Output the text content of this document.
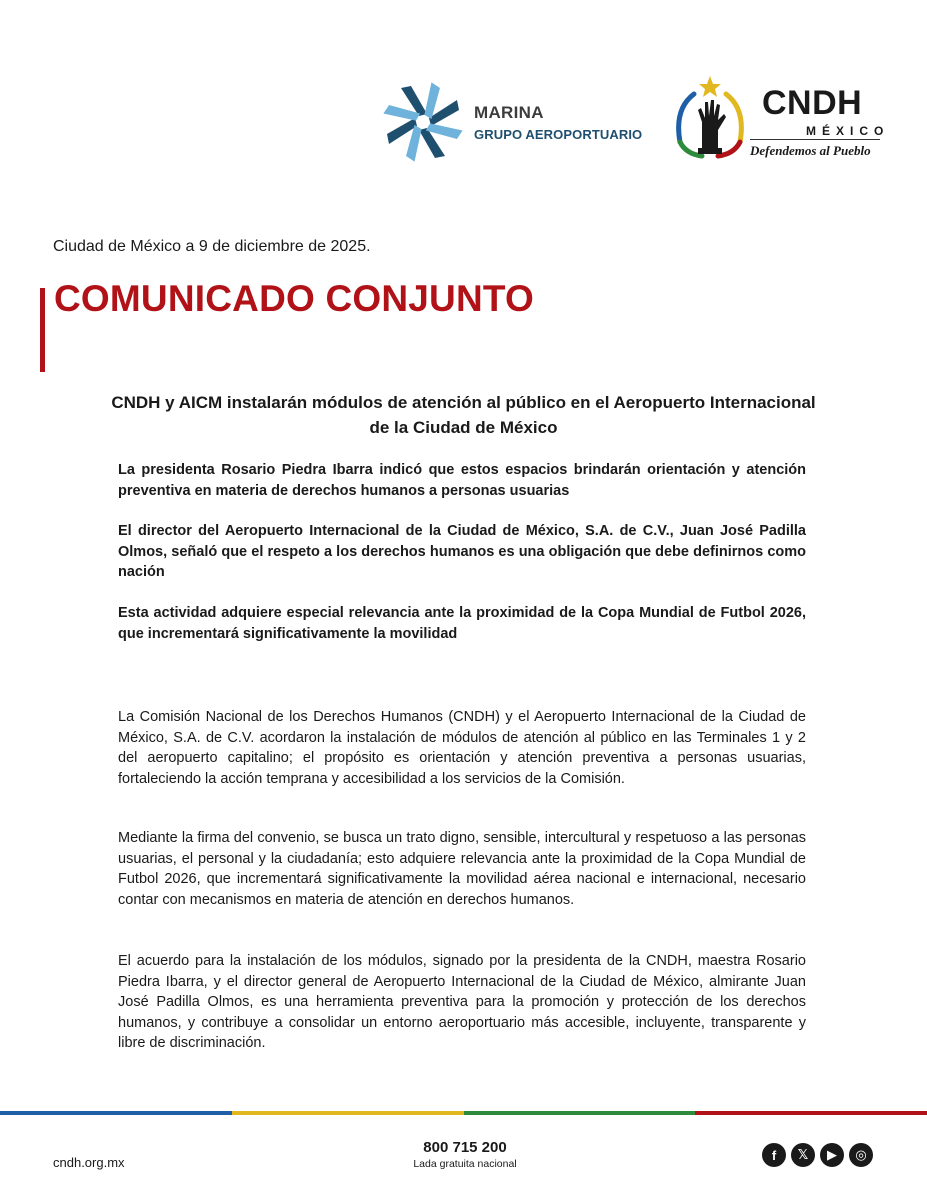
MARINA
GRUPO AEROPORTUARIO
CNDH
MÉXICO
Defendemos al Pueblo
Ciudad de México a 9 de diciembre de 2025.
COMUNICADO CONJUNTO
CNDH y AICM instalarán módulos de atención al público en el Aeropuerto Internacional de la Ciudad de México
La presidenta Rosario Piedra Ibarra indicó que estos espacios brindarán orientación y atención preventiva en materia de derechos humanos a personas usuarias
El director del Aeropuerto Internacional de la Ciudad de México, S.A. de C.V., Juan José Padilla Olmos, señaló que el respeto a los derechos humanos es una obligación que debe definirnos como nación
Esta actividad adquiere especial relevancia ante la proximidad de la Copa Mundial de Futbol 2026, que incrementará significativamente la movilidad
La Comisión Nacional de los Derechos Humanos (CNDH) y el Aeropuerto Internacional de la Ciudad de México, S.A. de C.V. acordaron la instalación de módulos de atención al público en las Terminales 1 y 2 del aeropuerto capitalino; el propósito es orientación y atención preventiva a personas usuarias, fortaleciendo la acción temprana y accesibilidad a los servicios de la Comisión.
Mediante la firma del convenio, se busca un trato digno, sensible, intercultural y respetuoso a las personas usuarias, el personal y la ciudadanía; esto adquiere relevancia ante la proximidad de la Copa Mundial de Futbol 2026, que incrementará significativamente la movilidad aérea nacional e internacional, necesario contar con mecanismos en materia de atención en derechos humanos.
El acuerdo para la instalación de los módulos, signado por la presidenta de la CNDH, maestra Rosario Piedra Ibarra, y el director general de Aeropuerto Internacional de la Ciudad de México, almirante Juan José Padilla Olmos, es una herramienta preventiva para la promoción y protección de los derechos humanos, y contribuye a consolidar un entorno aeroportuario más accesible, incluyente, transparente y libre de discriminación.
cndh.org.mx
800 715 200
Lada gratuita nacional
f	𝕏	▶	◎
